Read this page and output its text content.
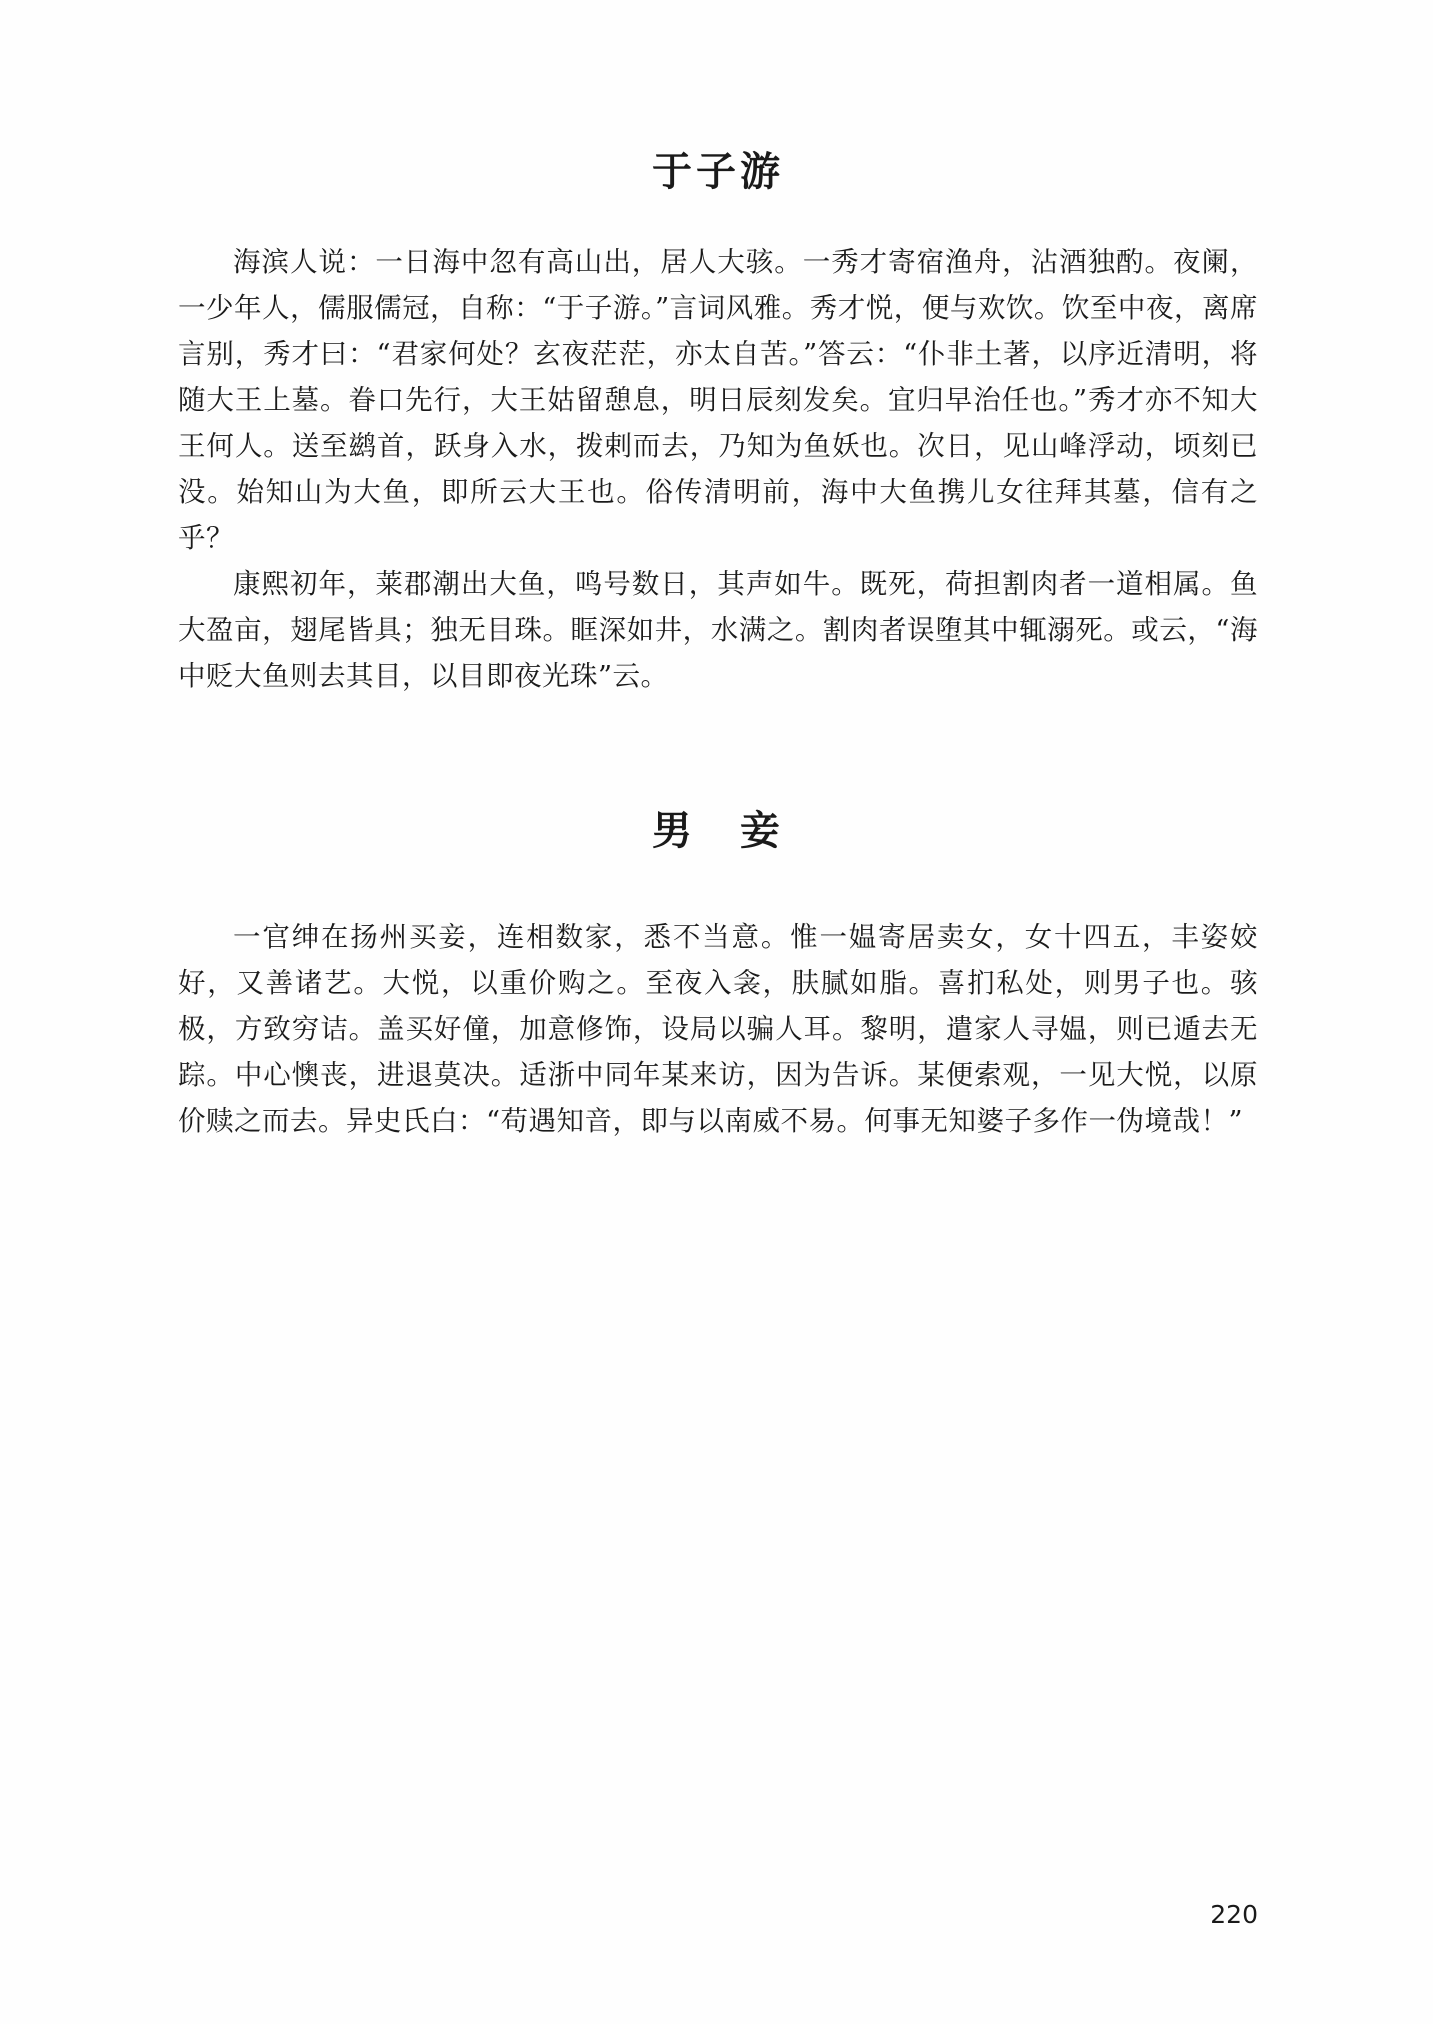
于子游

海滨人说：一日海中忽有高山出，居人大骇。一秀才寄宿渔舟，沾酒独酌。夜阑，一少年人，儒服儒冠，自称：“于子游。”言词风雅。秀才悦，便与欢饮。饮至中夜，离席言别，秀才曰：“君家何处？玄夜茫茫，亦太自苦。”答云：“仆非土著，以序近清明，将随大王上墓。眷口先行，大王姑留憩息，明日辰刻发矣。宜归早治任也。”秀才亦不知大王何人。送至鹚首，跃身入水，拨剌而去，乃知为鱼妖也。次日，见山峰浮动，顷刻已没。始知山为大鱼，即所云大王也。俗传清明前，海中大鱼携儿女往拜其墓，信有之乎？

康熙初年，莱郡潮出大鱼，鸣号数日，其声如牛。既死，荷担割肉者一道相属。鱼大盈亩，翅尾皆具；独无目珠。眶深如井，水满之。割肉者误堕其中辄溺死。或云，“海中贬大鱼则去其目，以目即夜光珠”云。

男　妾

一官绅在扬州买妾，连相数家，悉不当意。惟一媪寄居卖女，女十四五，丰姿姣好，又善诸艺。大悦，以重价购之。至夜入衾，肤腻如脂。喜扪私处，则男子也。骇极，方致穷诘。盖买好僮，加意修饰，设局以骗人耳。黎明，遣家人寻媪，则已遁去无踪。中心懊丧，进退莫决。适浙中同年某来访，因为告诉。某便索观，一见大悦，以原价赎之而去。异史氏白：“苟遇知音，即与以南威不易。何事无知婆子多作一伪境哉！”

220
